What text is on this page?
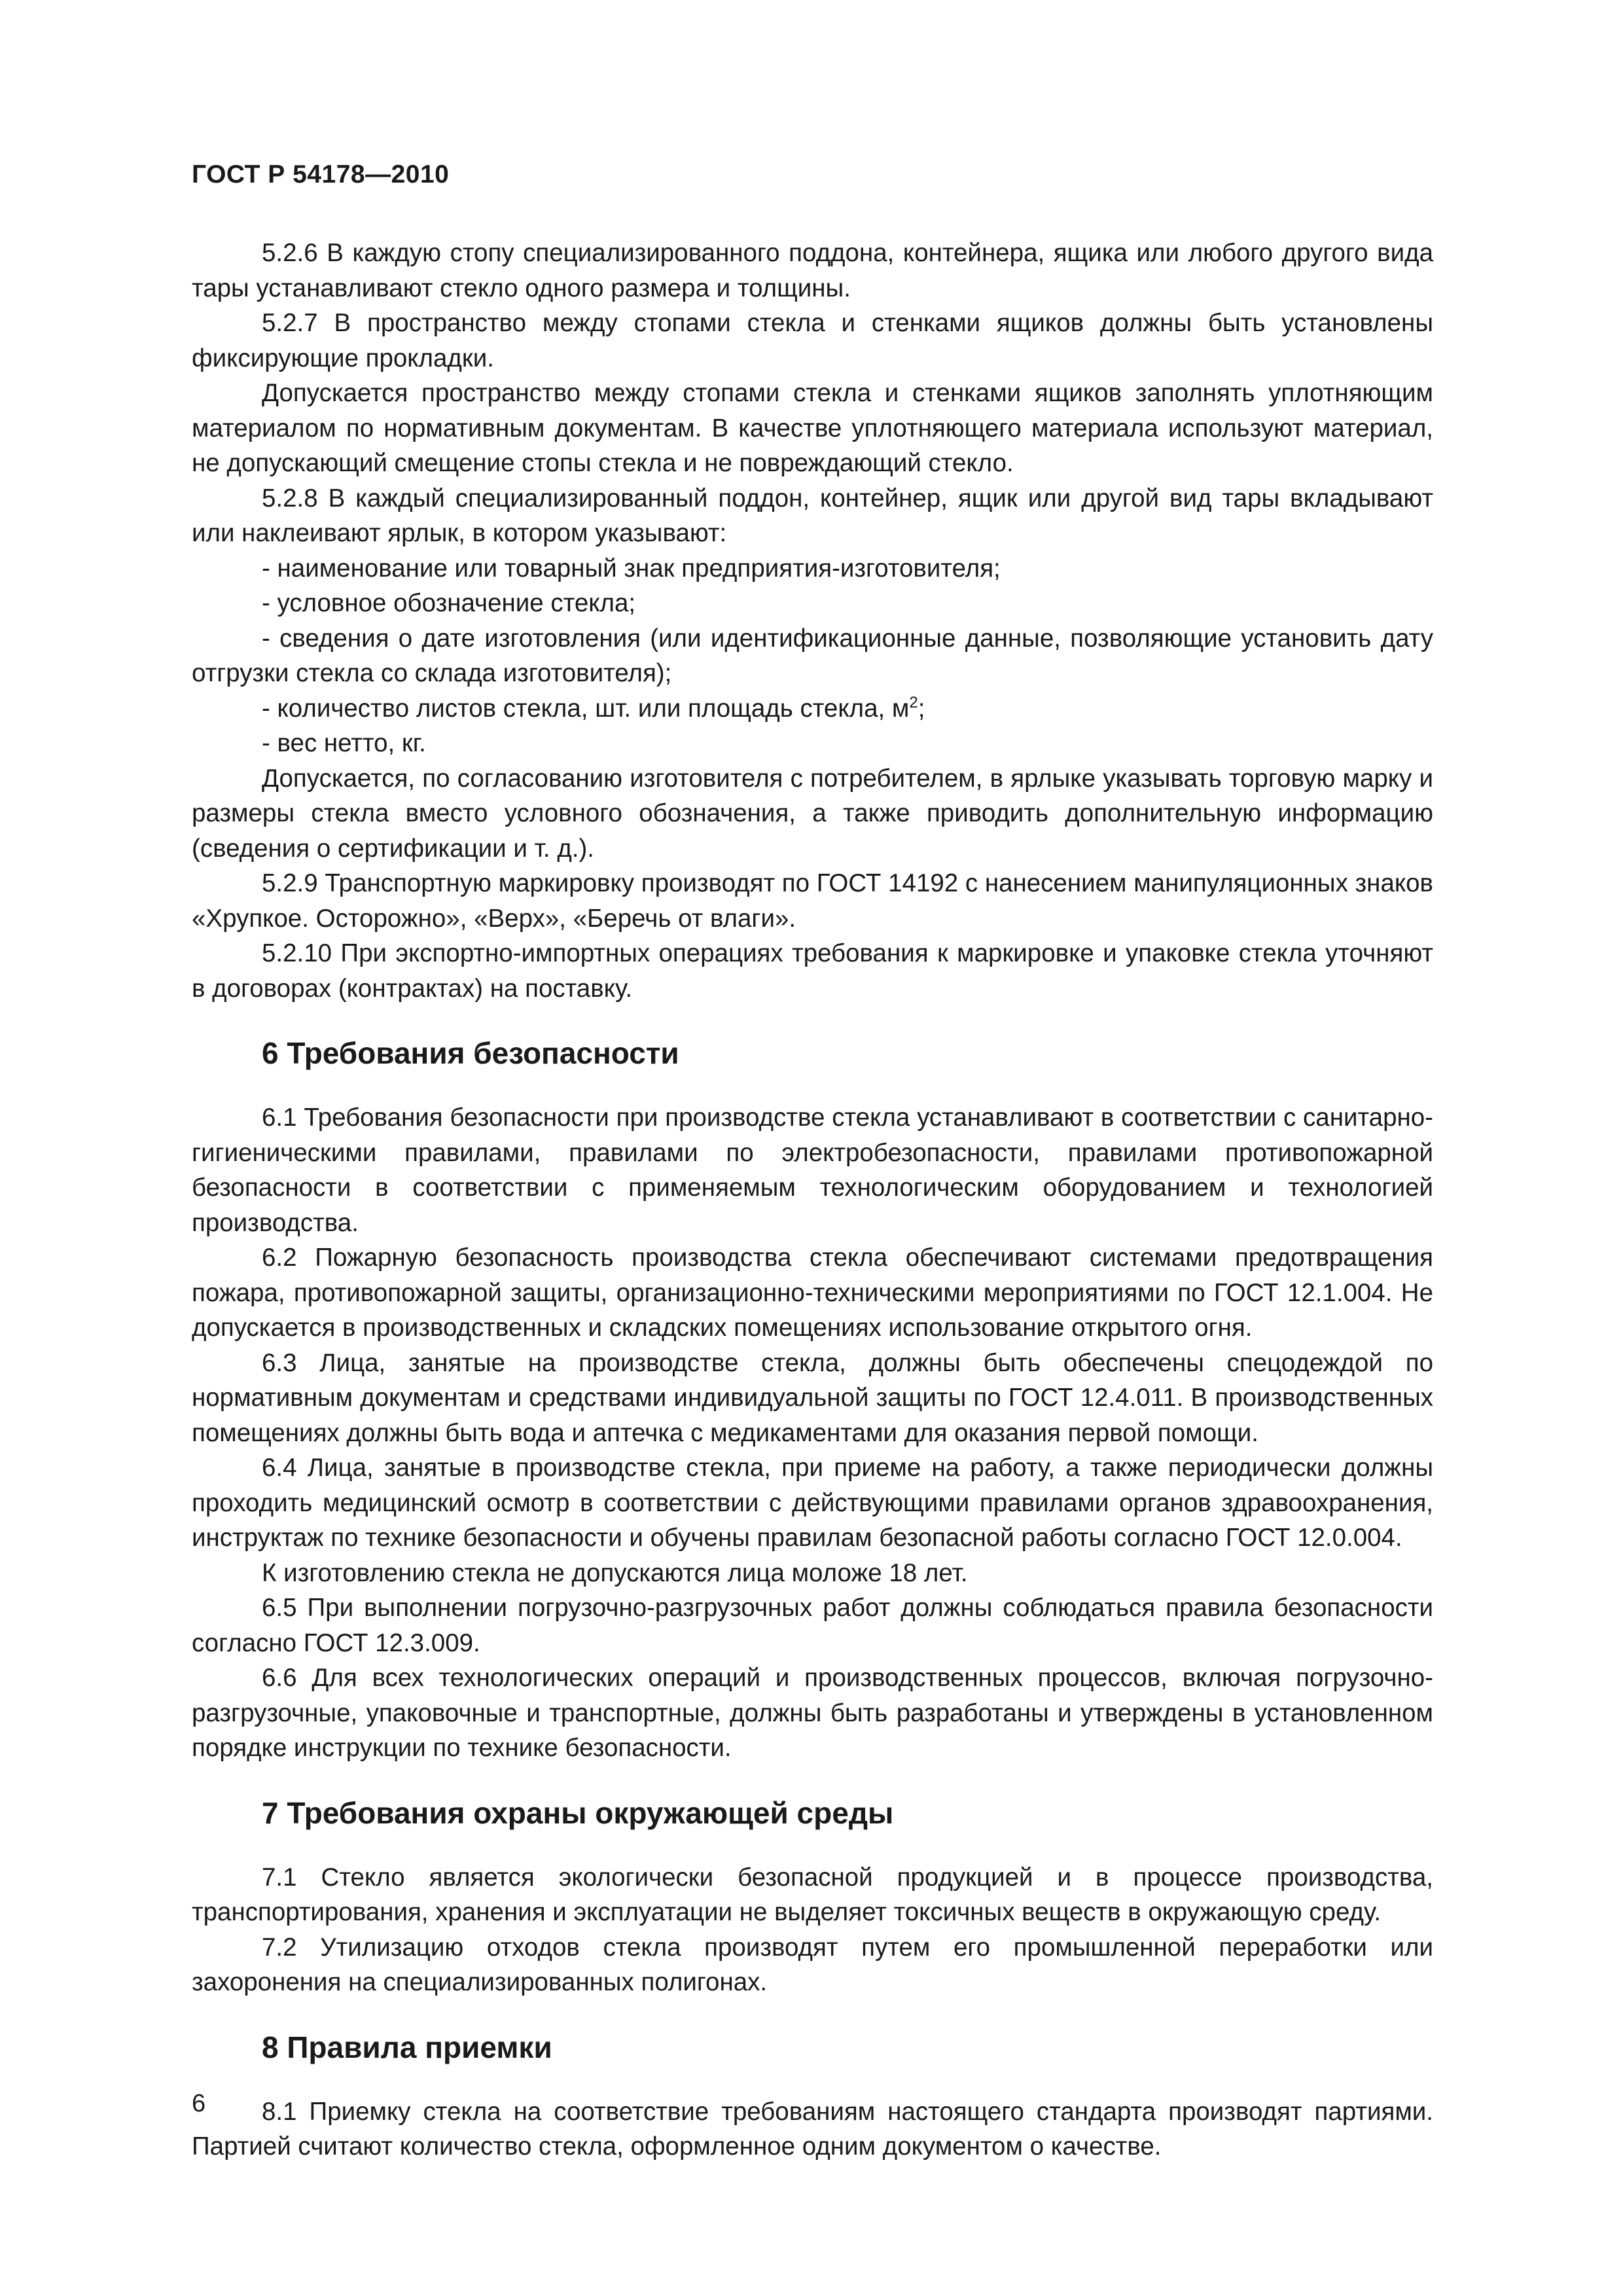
ГОСТ Р 54178—2010

5.2.6 В каждую стопу специализированного поддона, контейнера, ящика или любого другого вида тары устанавливают стекло одного размера и толщины.

5.2.7 В пространство между стопами стекла и стенками ящиков должны быть установлены фиксирующие прокладки.

Допускается пространство между стопами стекла и стенками ящиков заполнять уплотняющим материалом по нормативным документам. В качестве уплотняющего материала используют материал, не допускающий смещение стопы стекла и не повреждающий стекло.

5.2.8 В каждый специализированный поддон, контейнер, ящик или другой вид тары вкладывают или наклеивают ярлык, в котором указывают:

- наименование или товарный знак предприятия-изготовителя;

- условное обозначение стекла;

- сведения о дате изготовления (или идентификационные данные, позволяющие установить дату отгрузки стекла со склада изготовителя);

- количество листов стекла, шт. или площадь стекла, $м^2$;

- вес нетто, кг.

Допускается, по согласованию изготовителя с потребителем, в ярлыке указывать торговую марку и размеры стекла вместо условного обозначения, а также приводить дополнительную информацию (сведения о сертификации и т. д.).

5.2.9 Транспортную маркировку производят по ГОСТ 14192 с нанесением манипуляционных знаков «Хрупкое. Осторожно», «Верх», «Беречь от влаги».

5.2.10 При экспортно-импортных операциях требования к маркировке и упаковке стекла уточняют в договорах (контрактах) на поставку.

6 Требования безопасности

6.1 Требования безопасности при производстве стекла устанавливают в соответствии с санитарно-гигиеническими правилами, правилами по электробезопасности, правилами противопожарной безопасности в соответствии с применяемым технологическим оборудованием и технологией производства.

6.2 Пожарную безопасность производства стекла обеспечивают системами предотвращения пожара, противопожарной защиты, организационно-техническими мероприятиями по ГОСТ 12.1.004. Не допускается в производственных и складских помещениях использование открытого огня.

6.3 Лица, занятые на производстве стекла, должны быть обеспечены спецодеждой по нормативным документам и средствами индивидуальной защиты по ГОСТ 12.4.011. В производственных помещениях должны быть вода и аптечка с медикаментами для оказания первой помощи.

6.4 Лица, занятые в производстве стекла, при приеме на работу, а также периодически должны проходить медицинский осмотр в соответствии с действующими правилами органов здравоохранения, инструктаж по технике безопасности и обучены правилам безопасной работы согласно ГОСТ 12.0.004.

К изготовлению стекла не допускаются лица моложе 18 лет.

6.5 При выполнении погрузочно-разгрузочных работ должны соблюдаться правила безопасности согласно ГОСТ 12.3.009.

6.6 Для всех технологических операций и производственных процессов, включая погрузочно-разгрузочные, упаковочные и транспортные, должны быть разработаны и утверждены в установленном порядке инструкции по технике безопасности.

7 Требования охраны окружающей среды

7.1 Стекло является экологически безопасной продукцией и в процессе производства, транспортирования, хранения и эксплуатации не выделяет токсичных веществ в окружающую среду.

7.2 Утилизацию отходов стекла производят путем его промышленной переработки или захоронения на специализированных полигонах.

8 Правила приемки

8.1 Приемку стекла на соответствие требованиям настоящего стандарта производят партиями. Партией считают количество стекла, оформленное одним документом о качестве.

6
